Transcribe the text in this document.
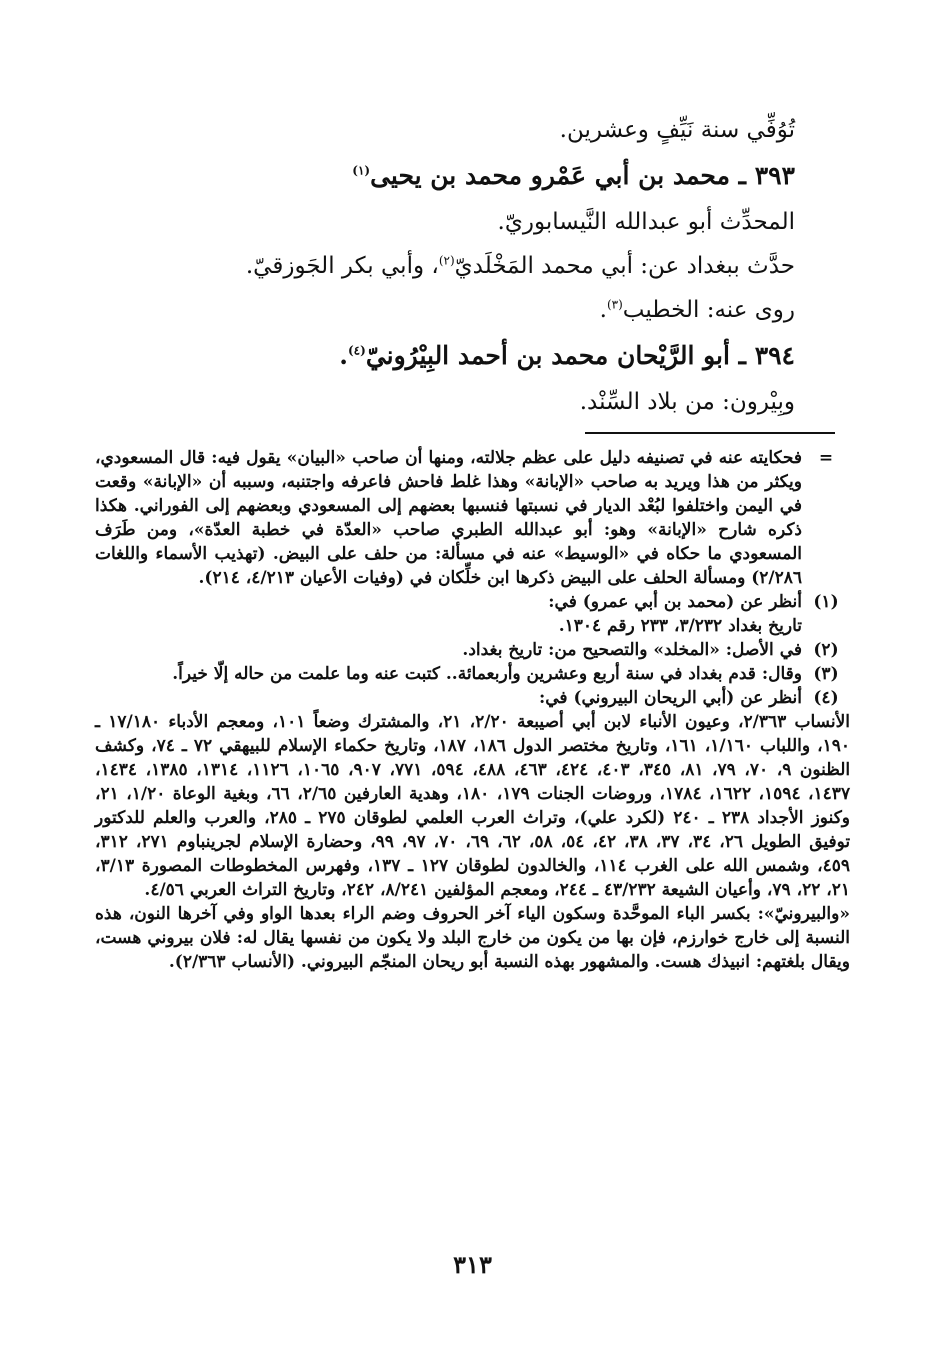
تُوُفِّي سنة نَيِّفٍ وعشرين.
٣٩٣ ـ محمد بن أبي عَمْرو محمد بن يحيى$^{(١)}$
المحدِّث أبو عبدالله النَّيسابوريّ.
حدَّث ببغداد عن: أبي محمد المَخْلَديّ$^{(٢)}$، وأبي بكر الجَوزقيّ.
روى عنه: الخطيب$^{(٣)}$.
٣٩٤ ـ أبو الرَّيْحان محمد بن أحمد البِيْرُونيّ$^{(٤)}$.
وبِيْرون: من بلاد السِّنْد.
=
فحكايته عنه في تصنيفه دليل على عظم جلالته، ومنها أن صاحب «البيان» يقول فيه: قال المسعودي، ويكثر من هذا ويريد به صاحب «الإبانة» وهذا غلط فاحش فاعرفه واجتنبه، وسببه أن «الإبانة» وقعت في اليمن واختلفوا لبُعْد الديار في نسبتها فنسبها بعضهم إلى المسعودي وبعضهم إلى الفوراني. هكذا ذكره شارح «الإبانة» وهو: أبو عبدالله الطبري صاحب «العدّة في خطبة العدّة»، ومن طَرَف المسعودي ما حكاه في «الوسيط» عنه في مسألة: من حلف على البيض. (تهذيب الأسماء واللغات ٢/٢٨٦) ومسألة الحلف على البيض ذكرها ابن خلِّكان في (وفيات الأعيان ٤/٢١٣، ٢١٤).
(١)

أنظر عن (محمد بن أبي عمرو) في:

تاريخ بغداد ٣/٢٣٢، ٢٣٣ رقم ١٣٠٤.

(٢)
في الأصل: «المخلد» والتصحيح من: تاريخ بغداد.
(٣)
وقال: قدم بغداد في سنة أربع وعشرين وأربعمائة.. كتبت عنه وما علمت من حاله إلّا خيراً.
(٤)

أنظر عن (أبي الريحان البيروني) في:

الأنساب ٢/٣٦٣، وعيون الأنباء لابن أبي أصيبعة ٢/٢٠، ٢١، والمشترك وضعاً ١٠١، ومعجم الأدباء ١٧/١٨٠ ـ ١٩٠، واللباب ١/١٦٠، ١٦١، وتاريخ مختصر الدول ١٨٦، ١٨٧، وتاريخ حكماء الإسلام للبيهقي ٧٢ ـ ٧٤، وكشف الظنون ٩، ٧٠، ٧٩، ٨١، ٣٤٥، ٤٠٣، ٤٢٤، ٤٦٣، ٤٨٨، ٥٩٤، ٧٧١، ٩٠٧، ١٠٦٥، ١١٢٦، ١٣١٤، ١٣٨٥، ١٤٣٤، ١٤٣٧، ١٥٩٤، ١٦٢٢، ١٧٨٤، وروضات الجنات ١٧٩، ١٨٠، وهدية العارفين ٢/٦٥، ٦٦، وبغية الوعاة ١/٢٠، ٢١، وكنوز الأجداد ٢٣٨ ـ ٢٤٠ (لكرد علي)، وتراث العرب العلمي لطوقان ٢٧٥ ـ ٢٨٥، والعرب والعلم للدكتور توفيق الطويل ٢٦، ٣٤، ٣٧، ٣٨، ٤٢، ٥٤، ٥٨، ٦٢، ٦٩، ٧٠، ٩٧، ٩٩، وحضارة الإسلام لجرينباوم ٢٧١، ٣١٢، ٤٥٩، وشمس الله على الغرب ١١٤، والخالدون لطوقان ١٢٧ ـ ١٣٧، وفهرس المخطوطات المصورة ٣/١٣، ٢١، ٢٢، ٧٩، وأعيان الشيعة ٤٣/٢٣٢ ـ ٢٤٤، ومعجم المؤلفين ٨/٢٤١، ٢٤٢، وتاريخ التراث العربي ٤/٥٦.
«والبيرونيّ»: بكسر الباء الموحَّدة وسكون الياء آخر الحروف وضم الراء بعدها الواو وفي آخرها النون، هذه النسبة إلى خارج خوارزم، فإن بها من يكون من خارج البلد ولا يكون من نفسها يقال له: فلان بيروني هست، ويقال بلغتهم: انبيذك هست. والمشهور بهذه النسبة أبو ريحان المنجّم البيروني. (الأنساب ٢/٣٦٣).
٣١٣
